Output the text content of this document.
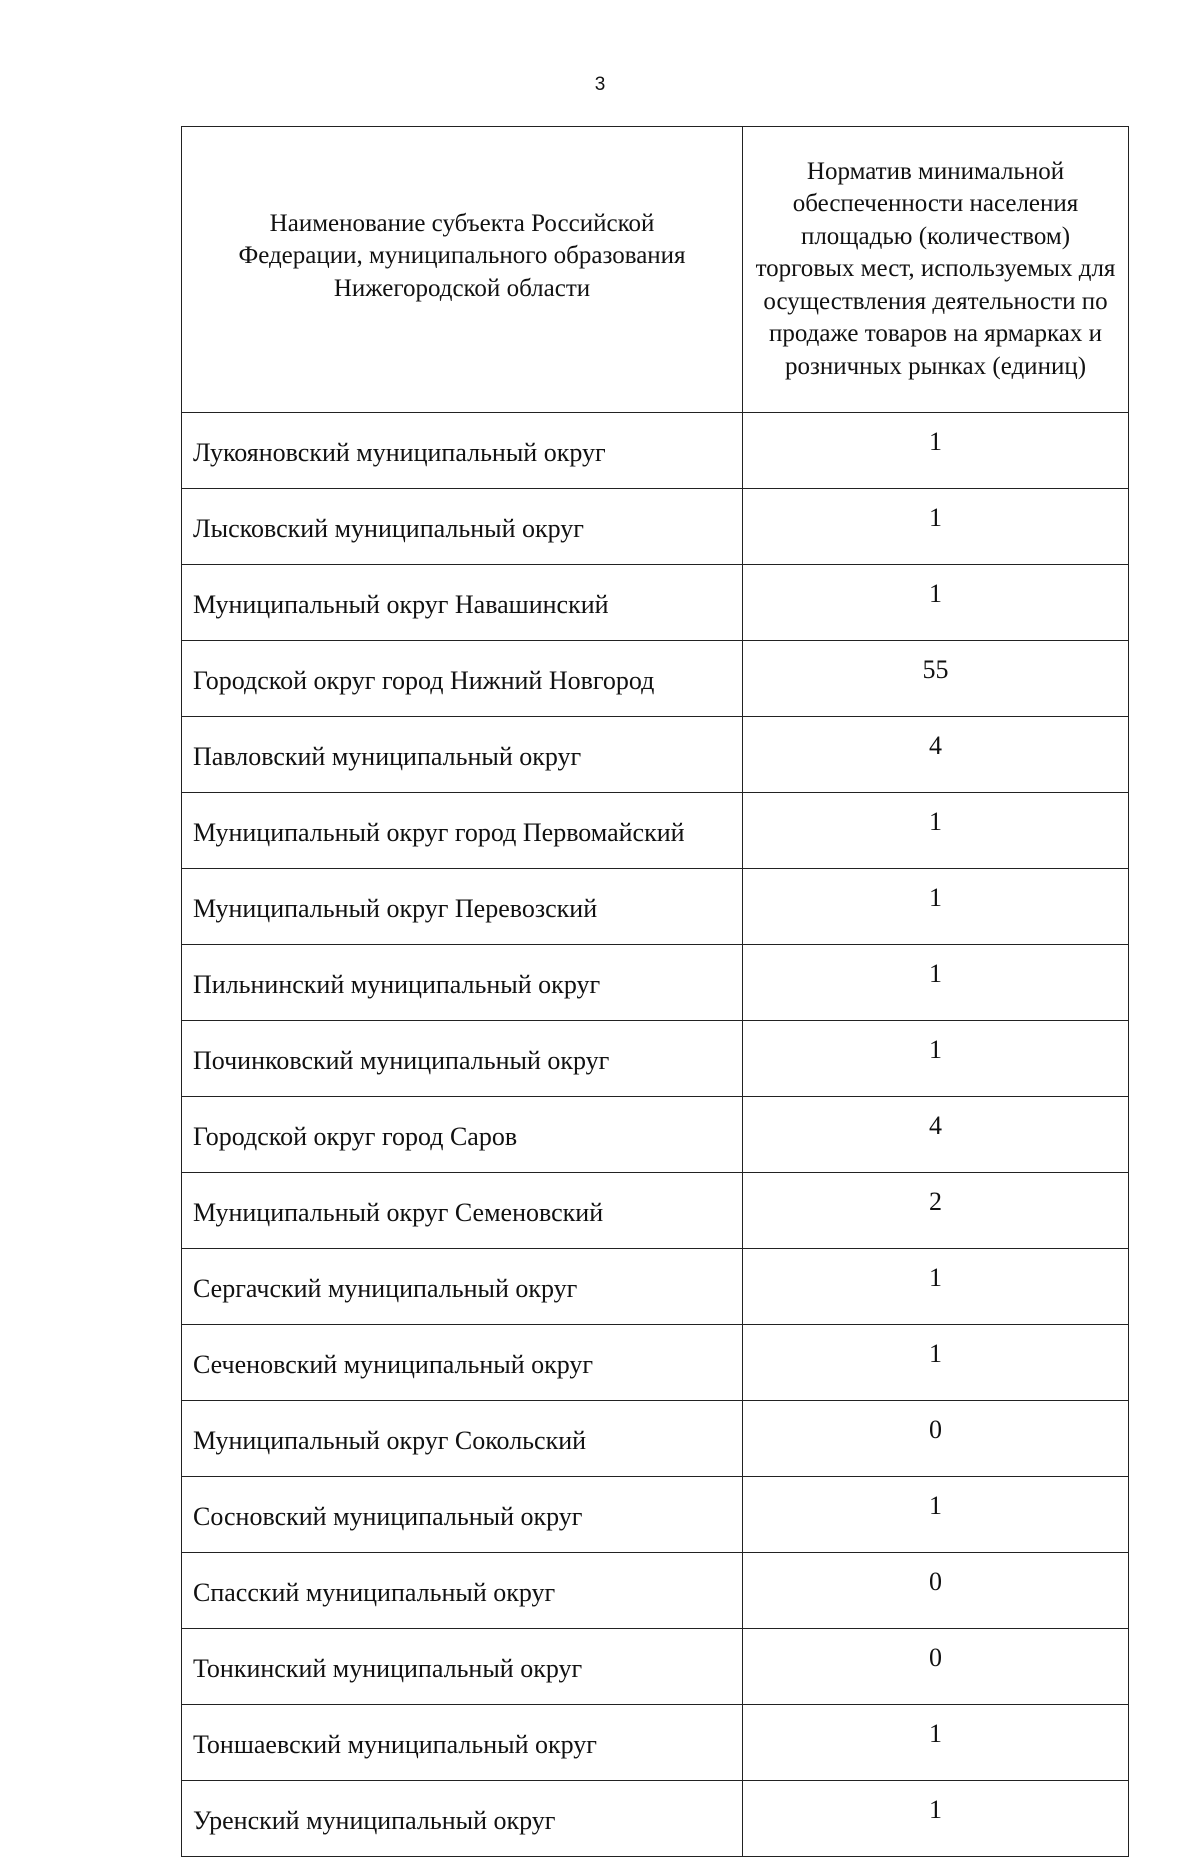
3
Наименование субъекта Российской Федерации, муниципального образования Нижегородской области	Норматив минимальной обеспеченности населения площадью (количеством) торговых мест, используемых для осуществления деятельности по продаже товаров на ярмарках и розничных рынках (единиц)
Лукояновский муниципальный округ	1
Лысковский муниципальный округ	1
Муниципальный округ Навашинский	1
Городской округ город Нижний Новгород	55
Павловский муниципальный округ	4
Муниципальный округ город Первомайский	1
Муниципальный округ Перевозский	1
Пильнинский муниципальный округ	1
Починковский муниципальный округ	1
Городской округ город Саров	4
Муниципальный округ Семеновский	2
Сергачский муниципальный округ	1
Сеченовский муниципальный округ	1
Муниципальный округ Сокольский	0
Сосновский муниципальный округ	1
Спасский муниципальный округ	0
Тонкинский муниципальный округ	0
Тоншаевский муниципальный округ	1
Уренский муниципальный округ	1
